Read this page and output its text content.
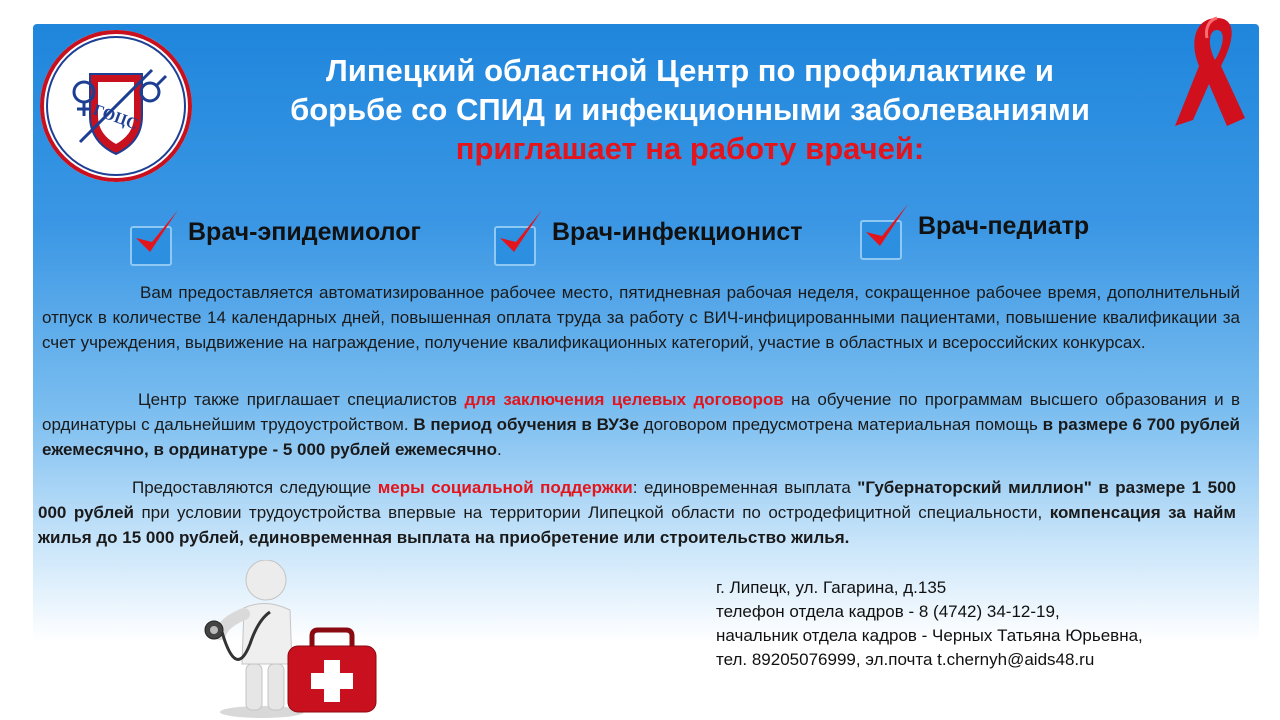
ГОЦС
Липецкий областной Центр по профилактике и
борьбе со СПИД и инфекционными заболеваниями
приглашает на работу врачей:
Врач-эпидемиолог	Врач-инфекционист	Врач-педиатр
Вам предоставляется автоматизированное рабочее место, пятидневная рабочая неделя, сокращенное рабочее время, дополнительный отпуск в количестве 14 календарных дней, повышенная оплата труда за работу с ВИЧ-инфицированными пациентами, повышение квалификации за счет учреждения, выдвижение на награждение, получение квалификационных категорий, участие в областных и всероссийских конкурсах.
Центр также приглашает специалистов для заключения целевых договоров на обучение по программам высшего образования и в ординатуры с дальнейшим трудоустройством. В период обучения в ВУЗе договором предусмотрена материальная помощь в размере 6 700 рублей ежемесячно, в ординатуре - 5 000 рублей ежемесячно.
Предоставляются следующие меры социальной поддержки: единовременная выплата "Губернаторский миллион" в размере 1 500 000 рублей при условии трудоустройства впервые на территории Липецкой области по остродефицитной специальности, компенсация за найм жилья до 15 000 рублей, единовременная выплата на приобретение или строительство жилья.
г. Липецк, ул. Гагарина, д.135
телефон отдела кадров - 8 (4742) 34-12-19,
начальник отдела кадров - Черных Татьяна Юрьевна,
тел. 89205076999, эл.почта t.chernyh@aids48.ru
